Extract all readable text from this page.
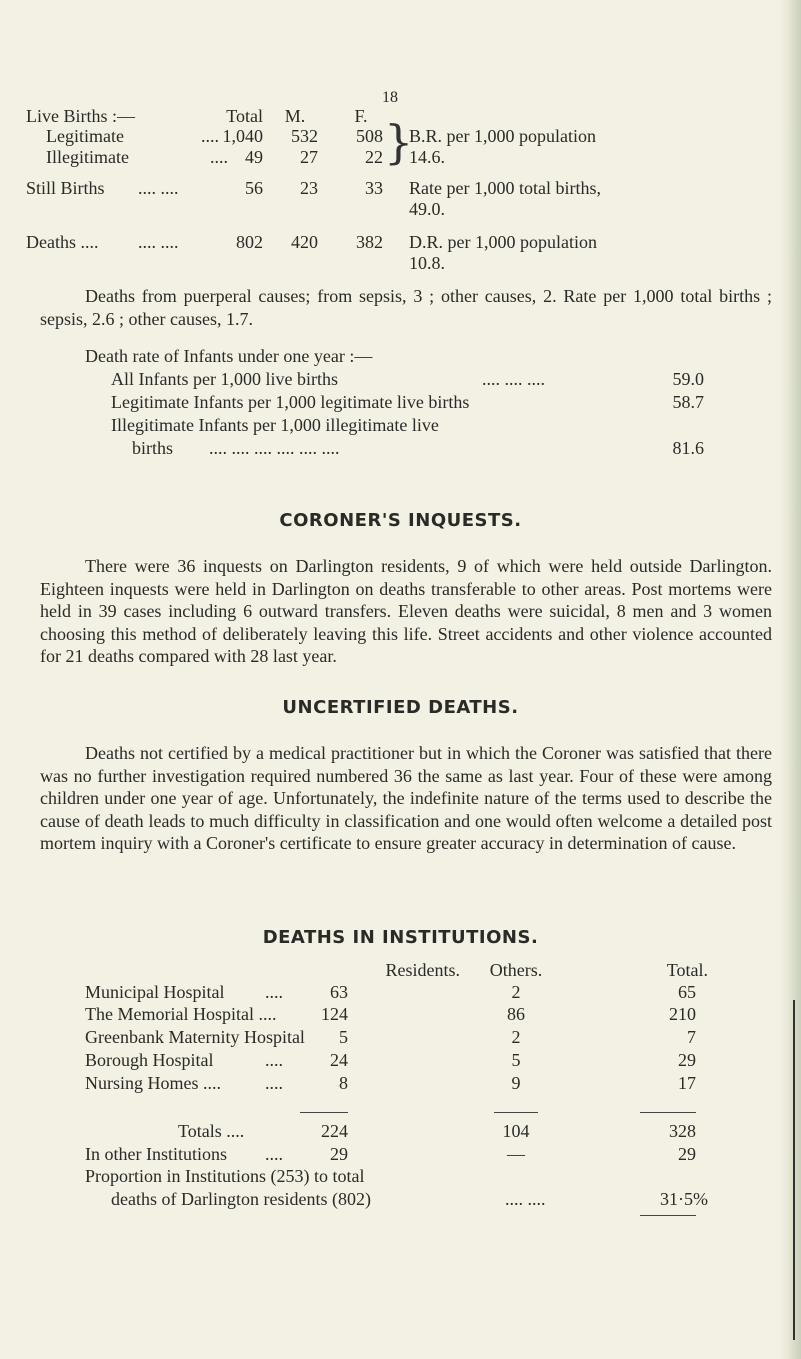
18
Live Births :—	Total	M.	F.
Legitimate	.... 1,040	532	508
Illegitimate	.... 49	27	22 }
B.R. per 1,000 population
14.6.
Still Births .... ....	56	23	33 Rate per 1,000 total births,
49.0.
Deaths .... .... ....	802	420	382 D.R. per 1,000 population
10.8.
Deaths from puerperal causes; from sepsis, 3 ; other causes, 2. Rate per 1,000 total births ; sepsis, 2.6 ; other causes, 1.7.
Death rate of Infants under one year :—
All Infants per 1,000 live births	.... .... ....	59.0
Legitimate Infants per 1,000 legitimate live births	58.7
Illegitimate Infants per 1,000 illegitimate live
births .... .... .... .... .... ....	81.6
CORONER'S INQUESTS.
There were 36 inquests on Darlington residents, 9 of which were held outside Darlington. Eighteen inquests were held in Darlington on deaths transferable to other areas. Post mortems were held in 39 cases including 6 outward transfers. Eleven deaths were suicidal, 8 men and 3 women choosing this method of deliberately leaving this life. Street accidents and other violence accounted for 21 deaths compared with 28 last year.
UNCERTIFIED DEATHS.
Deaths not certified by a medical practitioner but in which the Coroner was satisfied that there was no further investigation required numbered 36 the same as last year. Four of these were among children under one year of age. Unfortunately, the indefinite nature of the terms used to describe the cause of death leads to much difficulty in classification and one would often welcome a detailed post mortem inquiry with a Coroner's certificate to ensure greater accuracy in determination of cause.
DEATHS IN INSTITUTIONS.
Residents.	Others.	Total.
Municipal Hospital ....	63	2	65
The Memorial Hospital ....	124	86	210
Greenbank Maternity Hospital	5	2	7
Borough Hospital	....	24	5	29
Nursing Homes .... ....	8	9	17
Totals ....	224	104	328
In other Institutions ....	29	—	29
Proportion in Institutions (253) to total
deaths of Darlington residents (802)	.... ....	31·5%
